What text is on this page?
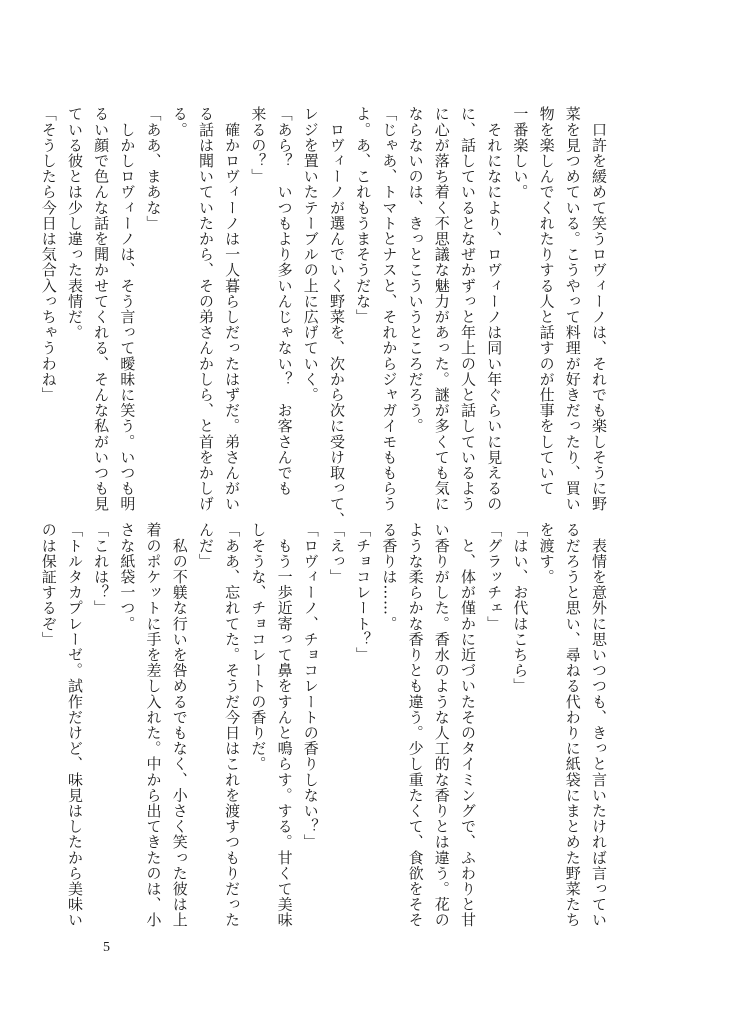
　口許を緩めて笑うロヴィーノは、それでも楽しそうに野
菜を見つめている。こうやって料理が好きだったり、買い
物を楽しんでくれたりする人と話すのが仕事をしていて
一番楽しい。
　それになにより、ロヴィーノは同い年ぐらいに見えるの
に、話しているとなぜかずっと年上の人と話しているよう
に心が落ち着く不思議な魅力があった。謎が多くても気に
ならないのは、きっとこういうところだろう。
「じゃあ、トマトとナスと、それからジャガイモももらう
よ。あ、これもうまそうだな」
　ロヴィーノが選んでいく野菜を、次から次に受け取って、
レジを置いたテーブルの上に広げていく。
「あら？　いつもより多いんじゃない？　お客さんでも
来るの？」
　確かロヴィーノは一人暮らしだったはずだ。弟さんがい
る話は聞いていたから、その弟さんかしら、と首をかしげ
る。
「ああ、まあな」
　しかしロヴィーノは、そう言って曖昧に笑う。いつも明
るい顔で色んな話を聞かせてくれる、そんな私がいつも見
ている彼とは少し違った表情だ。
「そうしたら今日は気合入っちゃうわね」
　表情を意外に思いつつも、きっと言いたければ言ってい
るだろうと思い、尋ねる代わりに紙袋にまとめた野菜たち
を渡す。
「はい、お代はこちら」
「グラッチェ」
　と、体が僅かに近づいたそのタイミングで、ふわりと甘
い香りがした。香水のような人工的な香りとは違う。花の
ような柔らかな香りとも違う。少し重たくて、食欲をそそ
る香りは……。
「チョコレート？」
「えっ」
「ロヴィーノ、チョコレートの香りしない？」
　もう一歩近寄って鼻をすんと鳴らす。する。甘くて美味
しそうな、チョコレートの香りだ。
「ああ、忘れてた。そうだ今日はこれを渡すつもりだった
んだ」
　私の不躾な行いを咎めるでもなく、小さく笑った彼は上
着のポケットに手を差し入れた。中から出てきたのは、小
さな紙袋一つ。
「これは？」
「トルタカプレーゼ。試作だけど、味見はしたから美味い
のは保証するぞ」
5
